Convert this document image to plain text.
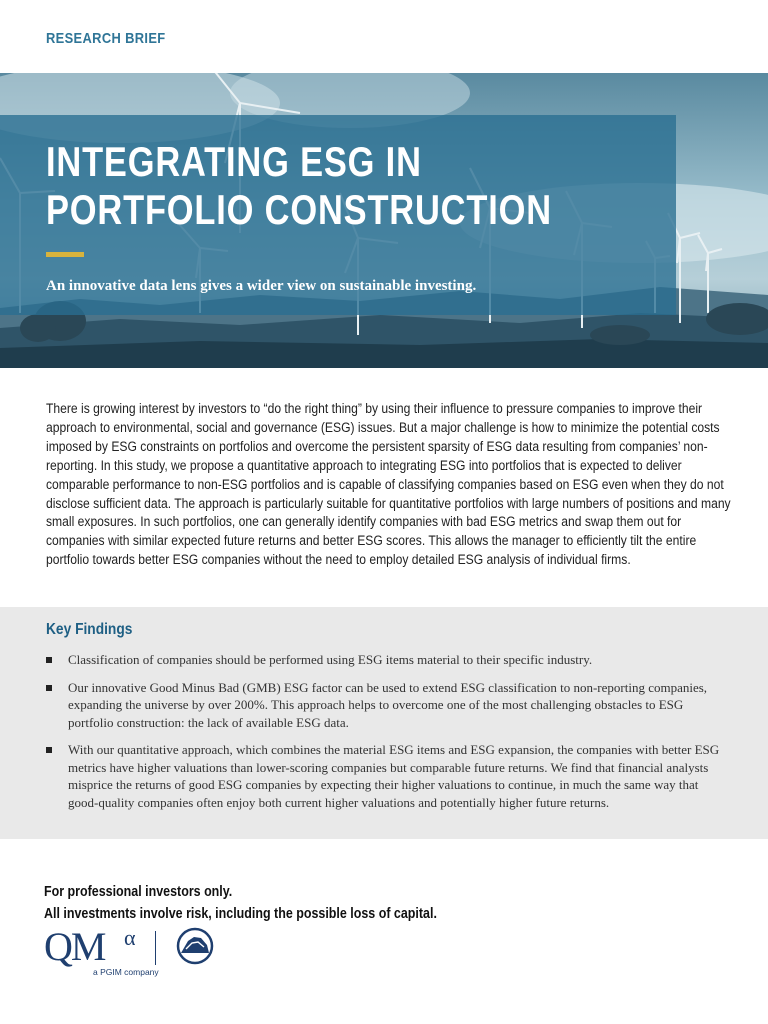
RESEARCH BRIEF
INTEGRATING ESG IN
PORTFOLIO CONSTRUCTION
An innovative data lens gives a wider view on sustainable investing.

There is growing interest by investors to “do the right thing” by using their influence to pressure companies to improve their approach to environmental, social and governance (ESG) issues. But a major challenge is how to minimize the potential costs imposed by ESG constraints on portfolios and overcome the persistent sparsity of ESG data resulting from companies’ non-reporting. In this study, we propose a quantitative approach to integrating ESG into portfolios that is expected to deliver comparable performance to non-ESG portfolios and is capable of classifying companies based on ESG even when they do not disclose sufficient data. The approach is particularly suitable for quantitative portfolios with large numbers of positions and many small exposures. In such portfolios, one can generally identify companies with bad ESG metrics and swap them out for companies with similar expected future returns and better ESG scores. This allows the manager to efficiently tilt the entire portfolio towards better ESG companies without the need to employ detailed ESG analysis of individual firms.

Key Findings
Classification of companies should be performed using ESG items material to their specific industry.
Our innovative Good Minus Bad (GMB) ESG factor can be used to extend ESG classification to non-reporting companies, expanding the universe by over 200%. This approach helps to overcome one of the most challenging obstacles to ESG portfolio construction: the lack of available ESG data.
With our quantitative approach, which combines the material ESG items and ESG expansion, the companies with better ESG metrics have higher valuations than lower-scoring companies but comparable future returns. We find that financial analysts misprice the returns of good ESG companies by expecting their higher valuations to continue, in much the same way that good-quality companies often enjoy both current higher valuations and potentially higher future returns.
For professional investors only.
All investments involve risk, including the possible loss of capital.
QM α
a PGIM company
